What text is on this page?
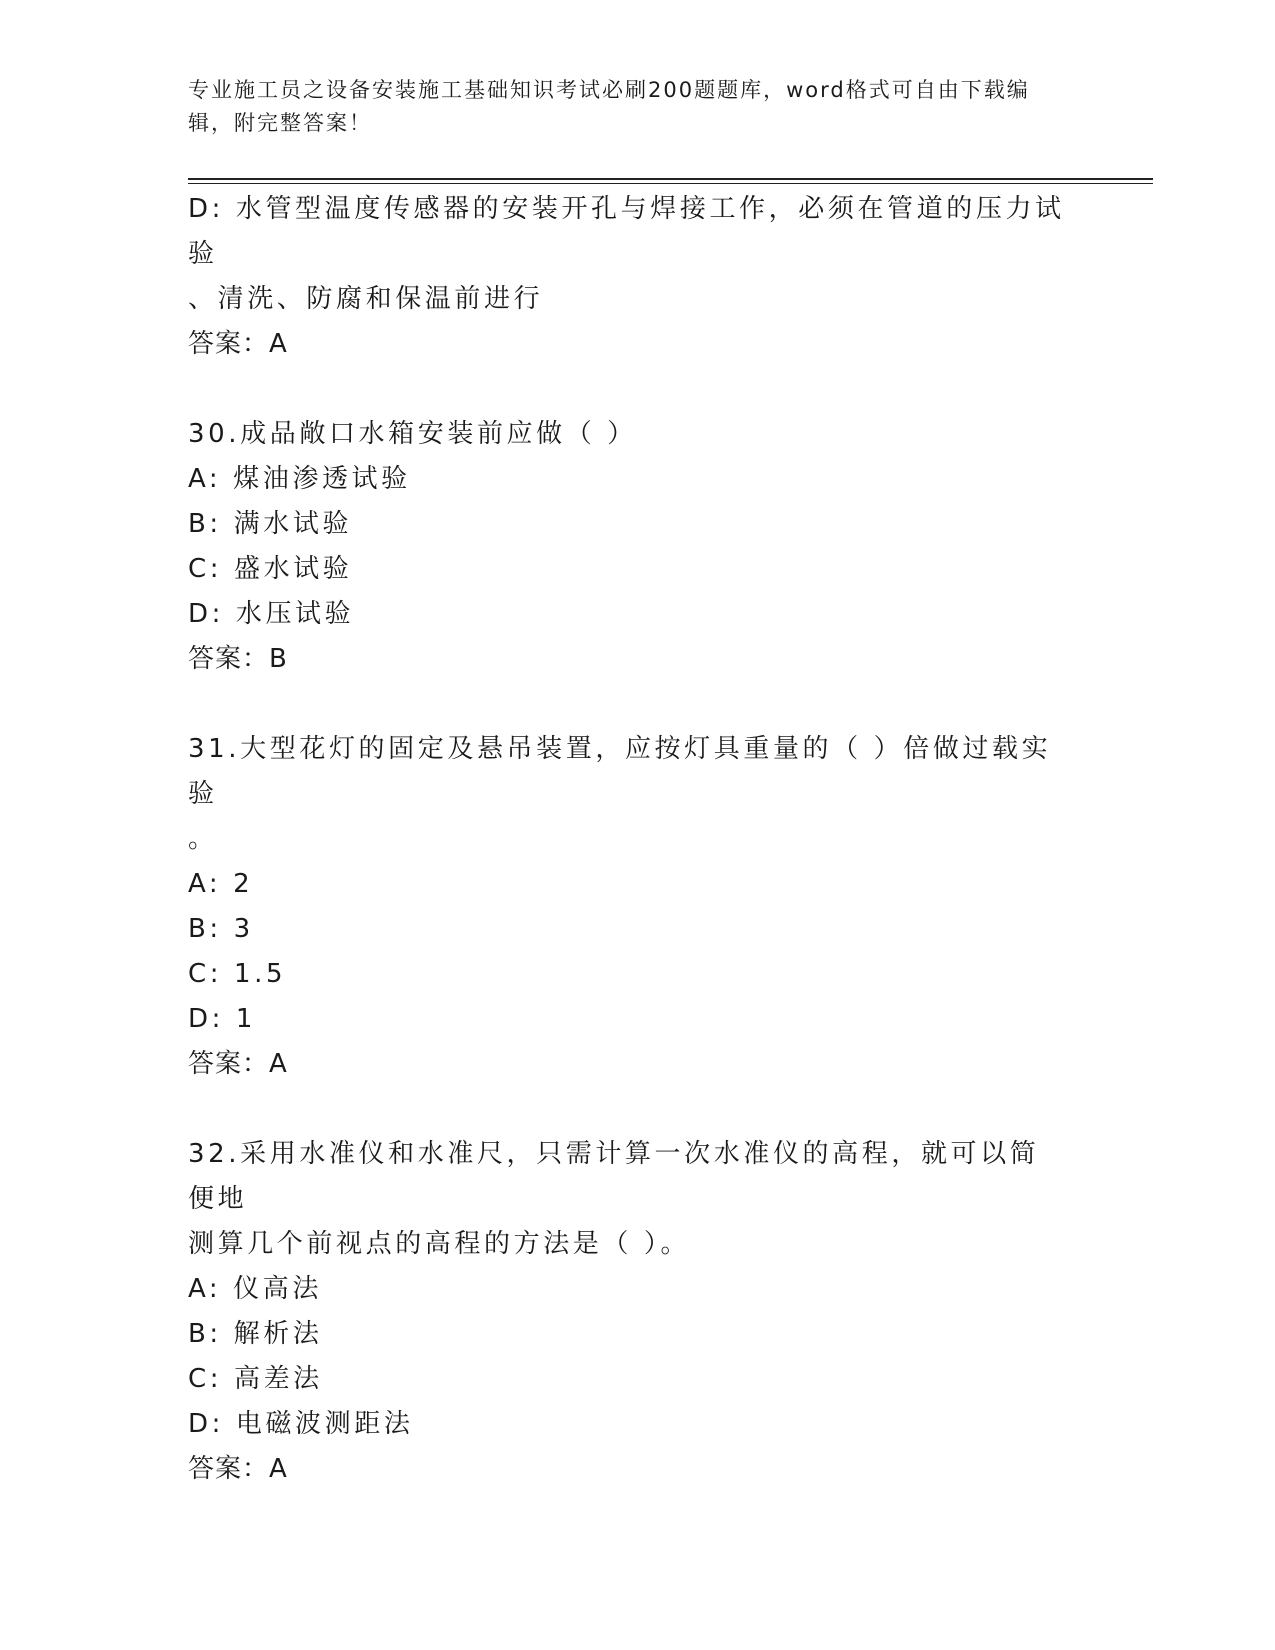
专业施工员之设备安装施工基础知识考试必刷200题题库，word格式可自由下载编辑，附完整答案！
D: 水管型温度传感器的安装开孔与焊接工作，必须在管道的压力试验
、清洗、防腐和保温前进行
答案：A
30.成品敞口水箱安装前应做（ ）
A: 煤油渗透试验
B: 满水试验
C: 盛水试验
D: 水压试验
答案：B
31.大型花灯的固定及悬吊装置，应按灯具重量的（ ）倍做过载实验
。
A: 2
B: 3
C: 1.5
D: 1
答案：A
32.采用水准仪和水准尺，只需计算一次水准仪的高程，就可以简便地
测算几个前视点的高程的方法是（ ）。
A: 仪高法
B: 解析法
C: 高差法
D: 电磁波测距法
答案：A
